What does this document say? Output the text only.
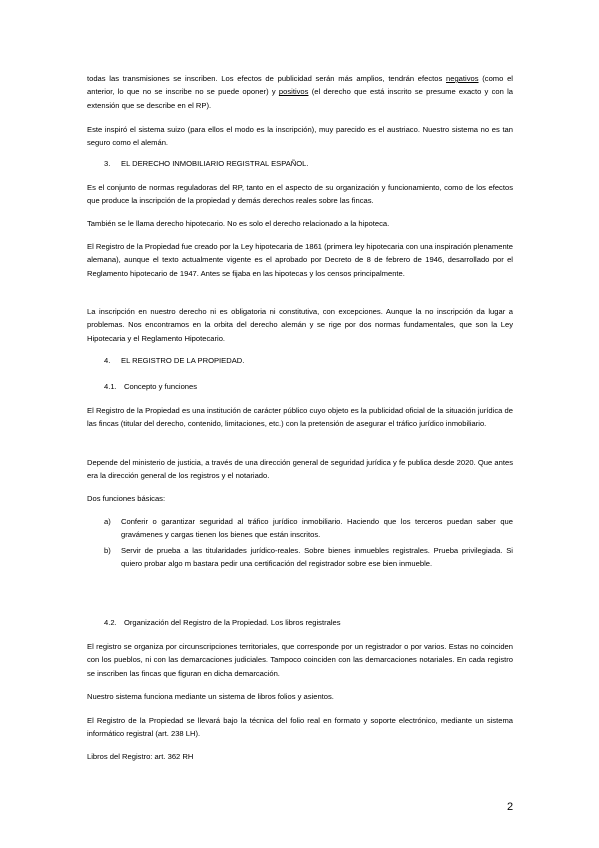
todas las transmisiones se inscriben. Los efectos de publicidad serán más amplios, tendrán efectos negativos (como el anterior, lo que no se inscribe no se puede oponer) y positivos (el derecho que está inscrito se presume exacto y con la extensión que se describe en el RP).

Este inspiró el sistema suizo (para ellos el modo es la inscripción), muy parecido es el austriaco. Nuestro sistema no es tan seguro como el alemán.

3. EL DERECHO INMOBILIARIO REGISTRAL ESPAÑOL.

Es el conjunto de normas reguladoras del RP, tanto en el aspecto de su organización y funcionamiento, como de los efectos que produce la inscripción de la propiedad y demás derechos reales sobre las fincas.

También se le llama derecho hipotecario. No es solo el derecho relacionado a la hipoteca.

El Registro de la Propiedad fue creado por la Ley hipotecaria de 1861 (primera ley hipotecaria con una inspiración plenamente alemana), aunque el texto actualmente vigente es el aprobado por Decreto de 8 de febrero de 1946, desarrollado por el Reglamento hipotecario de 1947. Antes se fijaba en las hipotecas y los censos principalmente.

La inscripción en nuestro derecho ni es obligatoria ni constitutiva, con excepciones. Aunque la no inscripción da lugar a problemas. Nos encontramos en la orbita del derecho alemán y se rige por dos normas fundamentales, que son la Ley Hipotecaria y el Reglamento Hipotecario.

4. EL REGISTRO DE LA PROPIEDAD.
4.1. Concepto y funciones

El Registro de la Propiedad es una institución de carácter público cuyo objeto es la publicidad oficial de la situación jurídica de las fincas (titular del derecho, contenido, limitaciones, etc.) con la pretensión de asegurar el tráfico jurídico inmobiliario.

Depende del ministerio de justicia, a través de una dirección general de seguridad jurídica y fe publica desde 2020. Que antes era la dirección general de los registros y el notariado.

Dos funciones básicas:

a) Conferir o garantizar seguridad al tráfico jurídico inmobiliario. Haciendo que los terceros puedan saber que gravámenes y cargas tienen los bienes que están inscritos.

b) Servir de prueba a las titularidades jurídico-reales. Sobre bienes inmuebles registrales. Prueba privilegiada. Si quiero probar algo m bastara pedir una certificación del registrador sobre ese bien inmueble.

4.2. Organización del Registro de la Propiedad. Los libros registrales

El registro se organiza por circunscripciones territoriales, que corresponde por un registrador o por varios. Estas no coinciden con los pueblos, ni con las demarcaciones judiciales. Tampoco coinciden con las demarcaciones notariales. En cada registro se inscriben las fincas que figuran en dicha demarcación.

Nuestro sistema funciona mediante un sistema de libros folios y asientos.

El Registro de la Propiedad se llevará bajo la técnica del folio real en formato y soporte electrónico, mediante un sistema informático registral (art. 238 LH).

Libros del Registro: art. 362 RH

2
